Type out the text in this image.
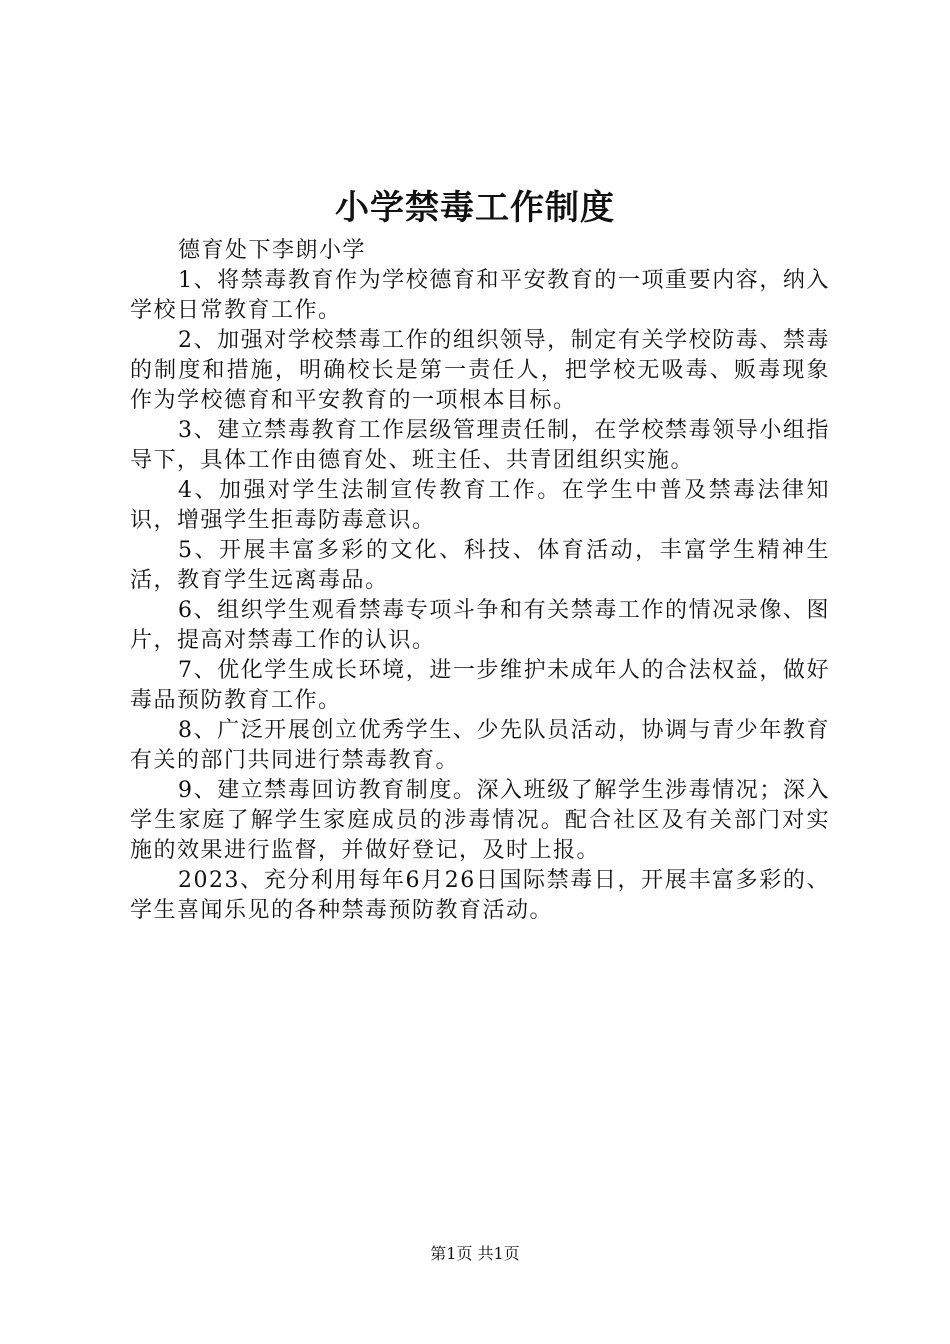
小学禁毒工作制度

德育处下李朗小学

1、将禁毒教育作为学校德育和平安教育的一项重要内容，纳入学校日常教育工作。

2、加强对学校禁毒工作的组织领导，制定有关学校防毒、禁毒的制度和措施，明确校长是第一责任人，把学校无吸毒、贩毒现象作为学校德育和平安教育的一项根本目标。

3、建立禁毒教育工作层级管理责任制，在学校禁毒领导小组指导下，具体工作由德育处、班主任、共青团组织实施。

4、加强对学生法制宣传教育工作。在学生中普及禁毒法律知识，增强学生拒毒防毒意识。

5、开展丰富多彩的文化、科技、体育活动，丰富学生精神生活，教育学生远离毒品。

6、组织学生观看禁毒专项斗争和有关禁毒工作的情况录像、图片，提高对禁毒工作的认识。

7、优化学生成长环境，进一步维护未成年人的合法权益，做好毒品预防教育工作。

8、广泛开展创立优秀学生、少先队员活动，协调与青少年教育有关的部门共同进行禁毒教育。

9、建立禁毒回访教育制度。深入班级了解学生涉毒情况；深入学生家庭了解学生家庭成员的涉毒情况。配合社区及有关部门对实施的效果进行监督，并做好登记，及时上报。

2023、充分利用每年6月26日国际禁毒日，开展丰富多彩的、学生喜闻乐见的各种禁毒预防教育活动。

第1页 共1页
